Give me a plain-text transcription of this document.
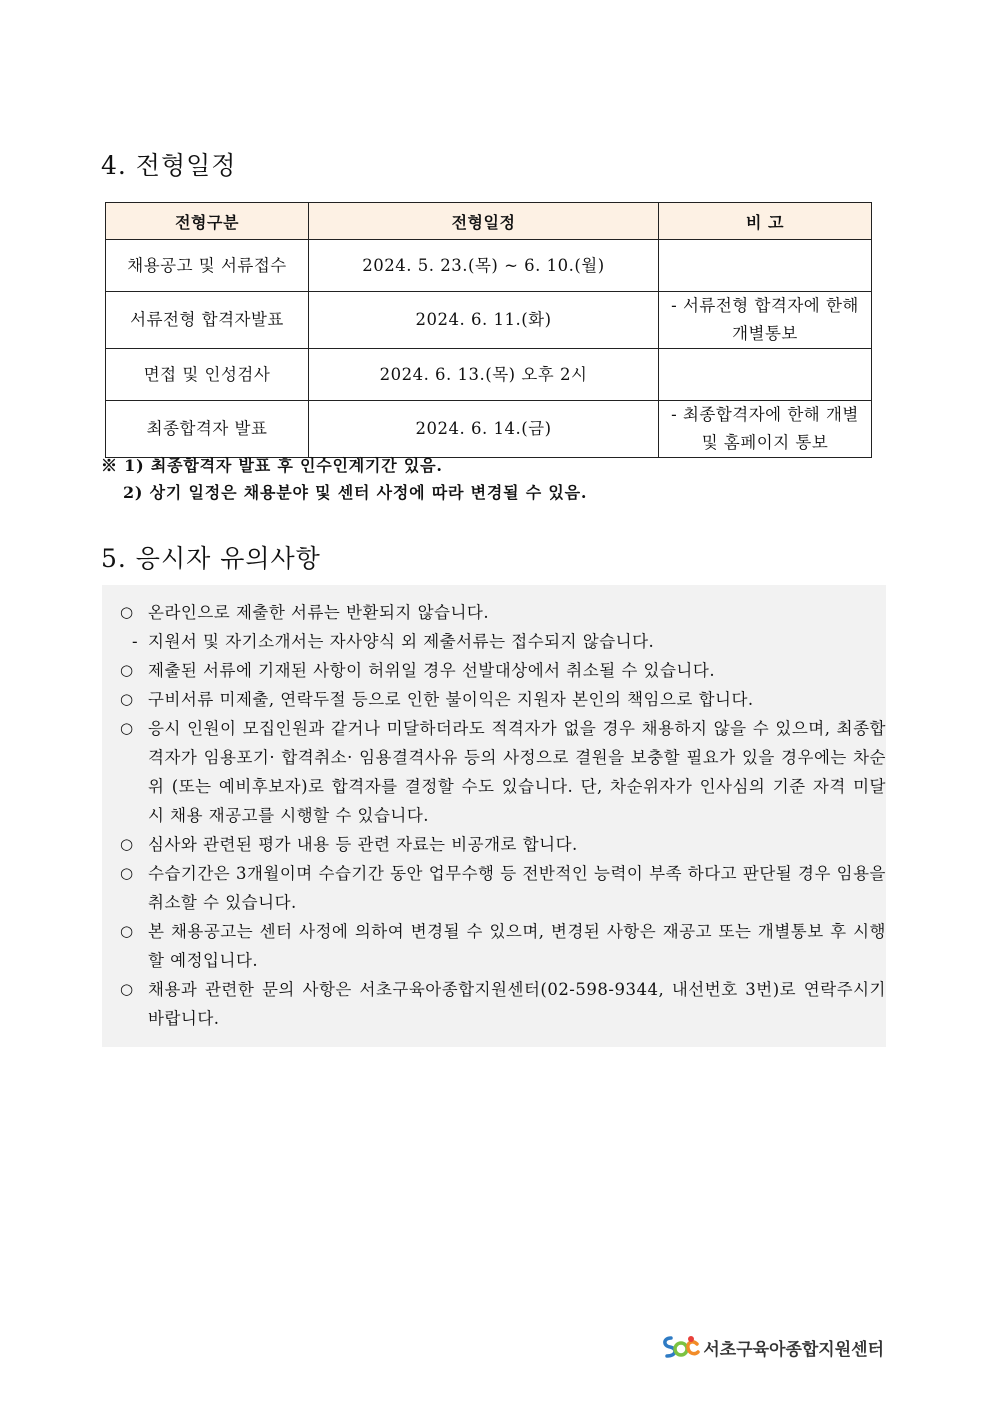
4. 전형일정
전형구분	전형일정	비 고
채용공고 및 서류접수	2024. 5. 23.(목) ~ 6. 10.(월)	
서류전형 합격자발표	2024. 6. 11.(화)	- 서류전형 합격자에 한해 개별통보
면접 및 인성검사	2024. 6. 13.(목) 오후 2시	
최종합격자 발표	2024. 6. 14.(금)	- 최종합격자에 한해 개별 및 홈페이지 통보
※ 1) 최종합격자 발표 후 인수인계기간 있음.
2) 상기 일정은 채용분야 및 센터 사정에 따라 변경될 수 있음.
5. 응시자 유의사항
○ 온라인으로 제출한 서류는 반환되지 않습니다.
- 지원서 및 자기소개서는 자사양식 외 제출서류는 접수되지 않습니다.
○ 제출된 서류에 기재된 사항이 허위일 경우 선발대상에서 취소될 수 있습니다.
○ 구비서류 미제출, 연락두절 등으로 인한 불이익은 지원자 본인의 책임으로 합니다.
○ 응시 인원이 모집인원과 같거나 미달하더라도 적격자가 없을 경우 채용하지 않을 수 있으며, 최종합격자가 임용포기· 합격취소· 임용결격사유 등의 사정으로 결원을 보충할 필요가 있을 경우에는 차순위 (또는 예비후보자)로 합격자를 결정할 수도 있습니다. 단, 차순위자가 인사심의 기준 자격 미달 시 채용 재공고를 시행할 수 있습니다.
○ 심사와 관련된 평가 내용 등 관련 자료는 비공개로 합니다.
○ 수습기간은 3개월이며 수습기간 동안 업무수행 등 전반적인 능력이 부족 하다고 판단될 경우 임용을 취소할 수 있습니다.
○ 본 채용공고는 센터 사정에 의하여 변경될 수 있으며, 변경된 사항은 재공고 또는 개별통보 후 시행할 예정입니다.
○ 채용과 관련한 문의 사항은 서초구육아종합지원센터(02-598-9344, 내선번호 3번)로 연락주시기 바랍니다.
서초구육아종합지원센터
